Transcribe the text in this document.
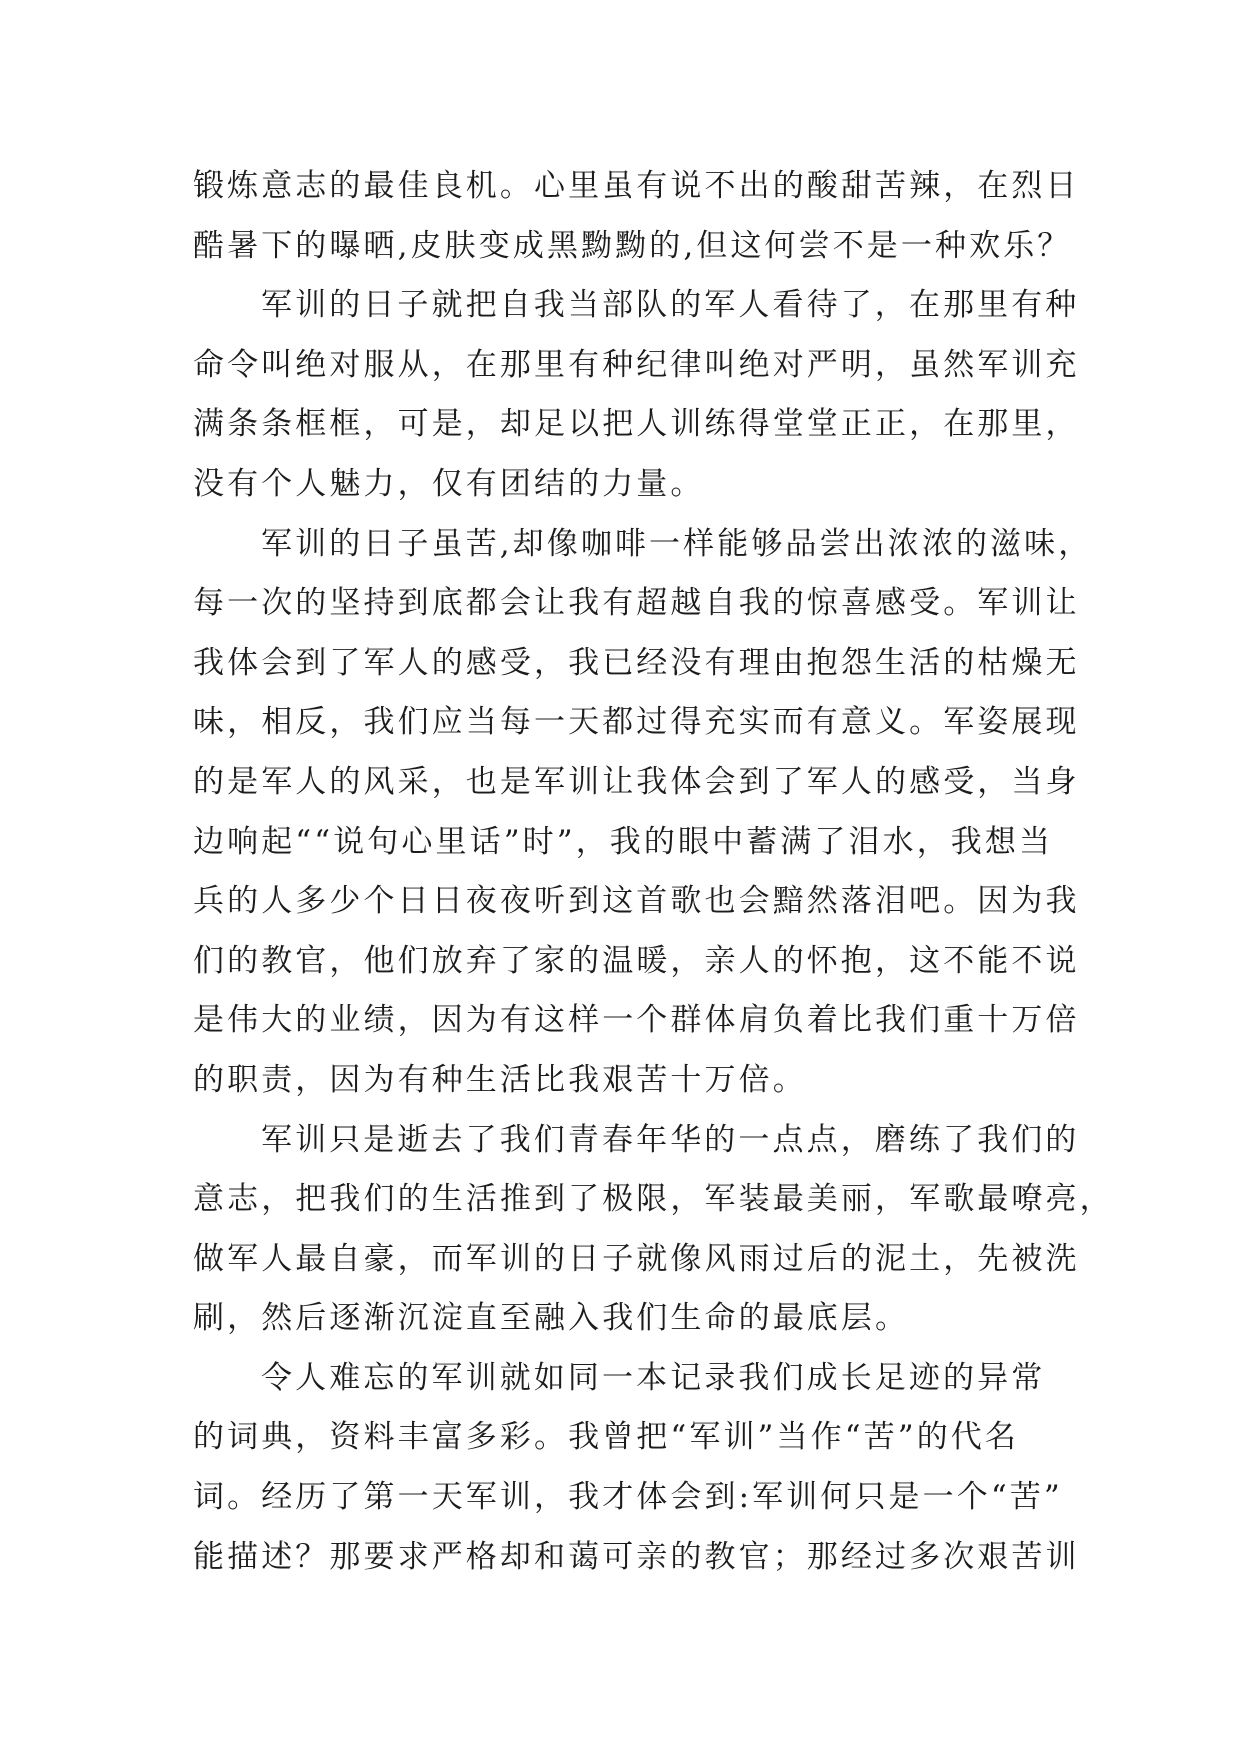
锻炼意志的最佳良机。心里虽有说不出的酸甜苦辣，在烈日
酷暑下的曝晒,皮肤变成黑黝黝的,但这何尝不是一种欢乐？
军训的日子就把自我当部队的军人看待了，在那里有种
命令叫绝对服从，在那里有种纪律叫绝对严明，虽然军训充
满条条框框，可是，却足以把人训练得堂堂正正，在那里，
没有个人魅力，仅有团结的力量。
军训的日子虽苦,却像咖啡一样能够品尝出浓浓的滋味，
每一次的坚持到底都会让我有超越自我的惊喜感受。军训让
我体会到了军人的感受，我已经没有理由抱怨生活的枯燥无
味，相反，我们应当每一天都过得充实而有意义。军姿展现
的是军人的风采，也是军训让我体会到了军人的感受，当身
边响起““说句心里话”时”，我的眼中蓄满了泪水，我想当
兵的人多少个日日夜夜听到这首歌也会黯然落泪吧。因为我
们的教官，他们放弃了家的温暖，亲人的怀抱，这不能不说
是伟大的业绩，因为有这样一个群体肩负着比我们重十万倍
的职责，因为有种生活比我艰苦十万倍。
军训只是逝去了我们青春年华的一点点，磨练了我们的
意志，把我们的生活推到了极限，军装最美丽，军歌最嘹亮，
做军人最自豪，而军训的日子就像风雨过后的泥土，先被洗
刷，然后逐渐沉淀直至融入我们生命的最底层。
令人难忘的军训就如同一本记录我们成长足迹的异常
的词典，资料丰富多彩。我曾把“军训”当作“苦”的代名
词。经历了第一天军训，我才体会到:军训何只是一个“苦”
能描述？那要求严格却和蔼可亲的教官；那经过多次艰苦训
